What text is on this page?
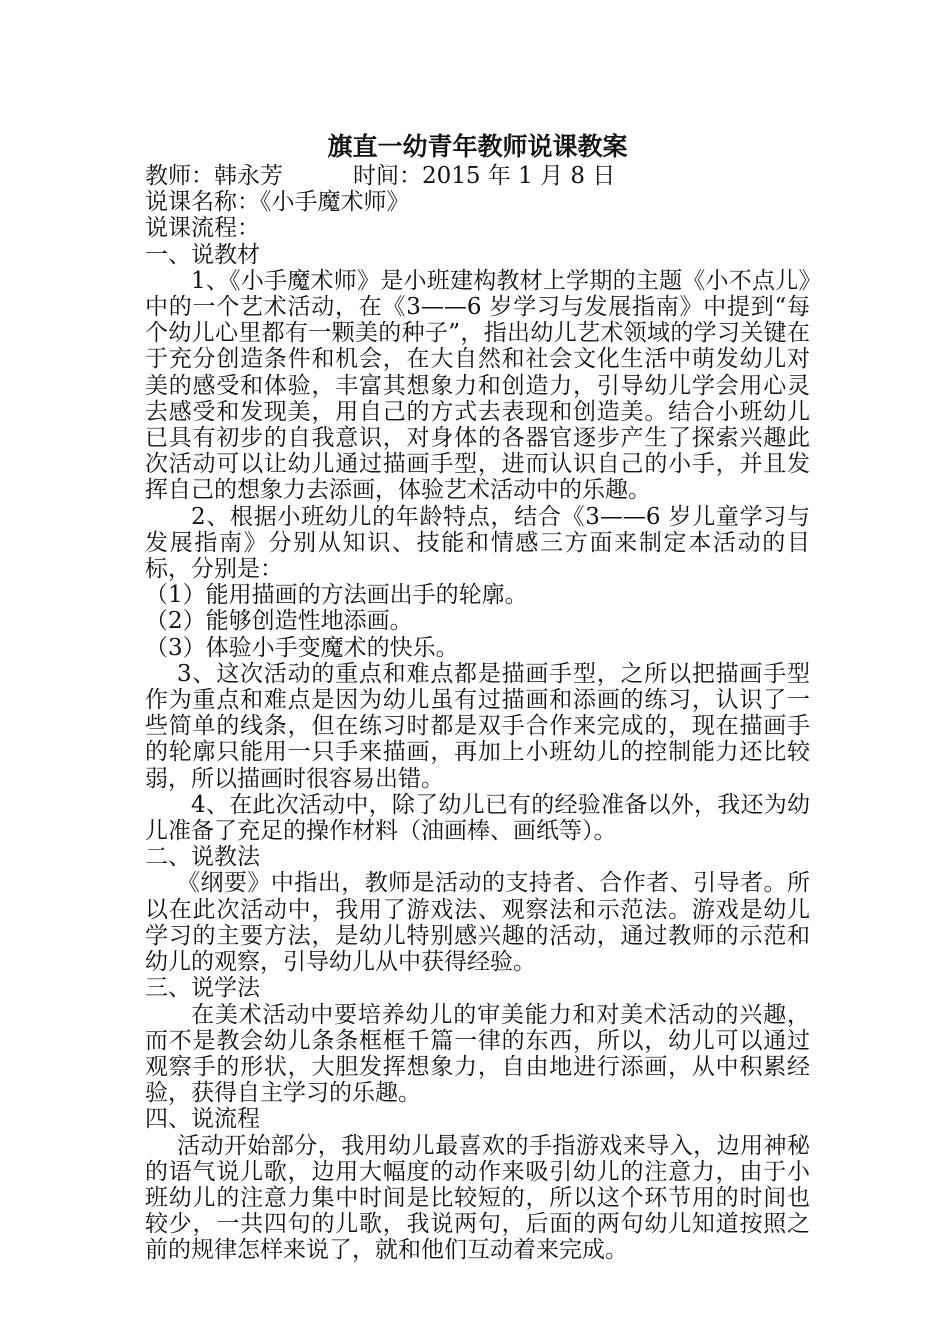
旗直一幼青年教师说课教案

教师：韩永芳	时间：2015 年 1 月 8 日

说课名称：《小手魔术师》

说课流程：

一、说教材

1、《小手魔术师》是小班建构教材上学期的主题《小不点儿》中的一个艺术活动，在《3——6 岁学习与发展指南》中提到“每个幼儿心里都有一颗美的种子”，指出幼儿艺术领域的学习关键在于充分创造条件和机会，在大自然和社会文化生活中萌发幼儿对美的感受和体验，丰富其想象力和创造力，引导幼儿学会用心灵去感受和发现美，用自己的方式去表现和创造美。结合小班幼儿已具有初步的自我意识，对身体的各器官逐步产生了探索兴趣此次活动可以让幼儿通过描画手型，进而认识自己的小手，并且发挥自己的想象力去添画，体验艺术活动中的乐趣。

2、根据小班幼儿的年龄特点，结合《3——6 岁儿童学习与发展指南》分别从知识、技能和情感三方面来制定本活动的目标，分别是：

（1）能用描画的方法画出手的轮廓。

（2）能够创造性地添画。

（3）体验小手变魔术的快乐。

3、这次活动的重点和难点都是描画手型，之所以把描画手型作为重点和难点是因为幼儿虽有过描画和添画的练习，认识了一些简单的线条，但在练习时都是双手合作来完成的，现在描画手的轮廓只能用一只手来描画，再加上小班幼儿的控制能力还比较弱，所以描画时很容易出错。

4、在此次活动中，除了幼儿已有的经验准备以外，我还为幼儿准备了充足的操作材料（油画棒、画纸等）。

二、说教法

《纲要》中指出，教师是活动的支持者、合作者、引导者。所以在此次活动中，我用了游戏法、观察法和示范法。游戏是幼儿学习的主要方法，是幼儿特别感兴趣的活动，通过教师的示范和幼儿的观察，引导幼儿从中获得经验。

三、说学法

在美术活动中要培养幼儿的审美能力和对美术活动的兴趣，而不是教会幼儿条条框框千篇一律的东西，所以，幼儿可以通过观察手的形状，大胆发挥想象力，自由地进行添画，从中积累经验，获得自主学习的乐趣。

四、说流程

活动开始部分，我用幼儿最喜欢的手指游戏来导入，边用神秘的语气说儿歌，边用大幅度的动作来吸引幼儿的注意力，由于小班幼儿的注意力集中时间是比较短的，所以这个环节用的时间也较少，一共四句的儿歌，我说两句，后面的两句幼儿知道按照之前的规律怎样来说了，就和他们互动着来完成。
